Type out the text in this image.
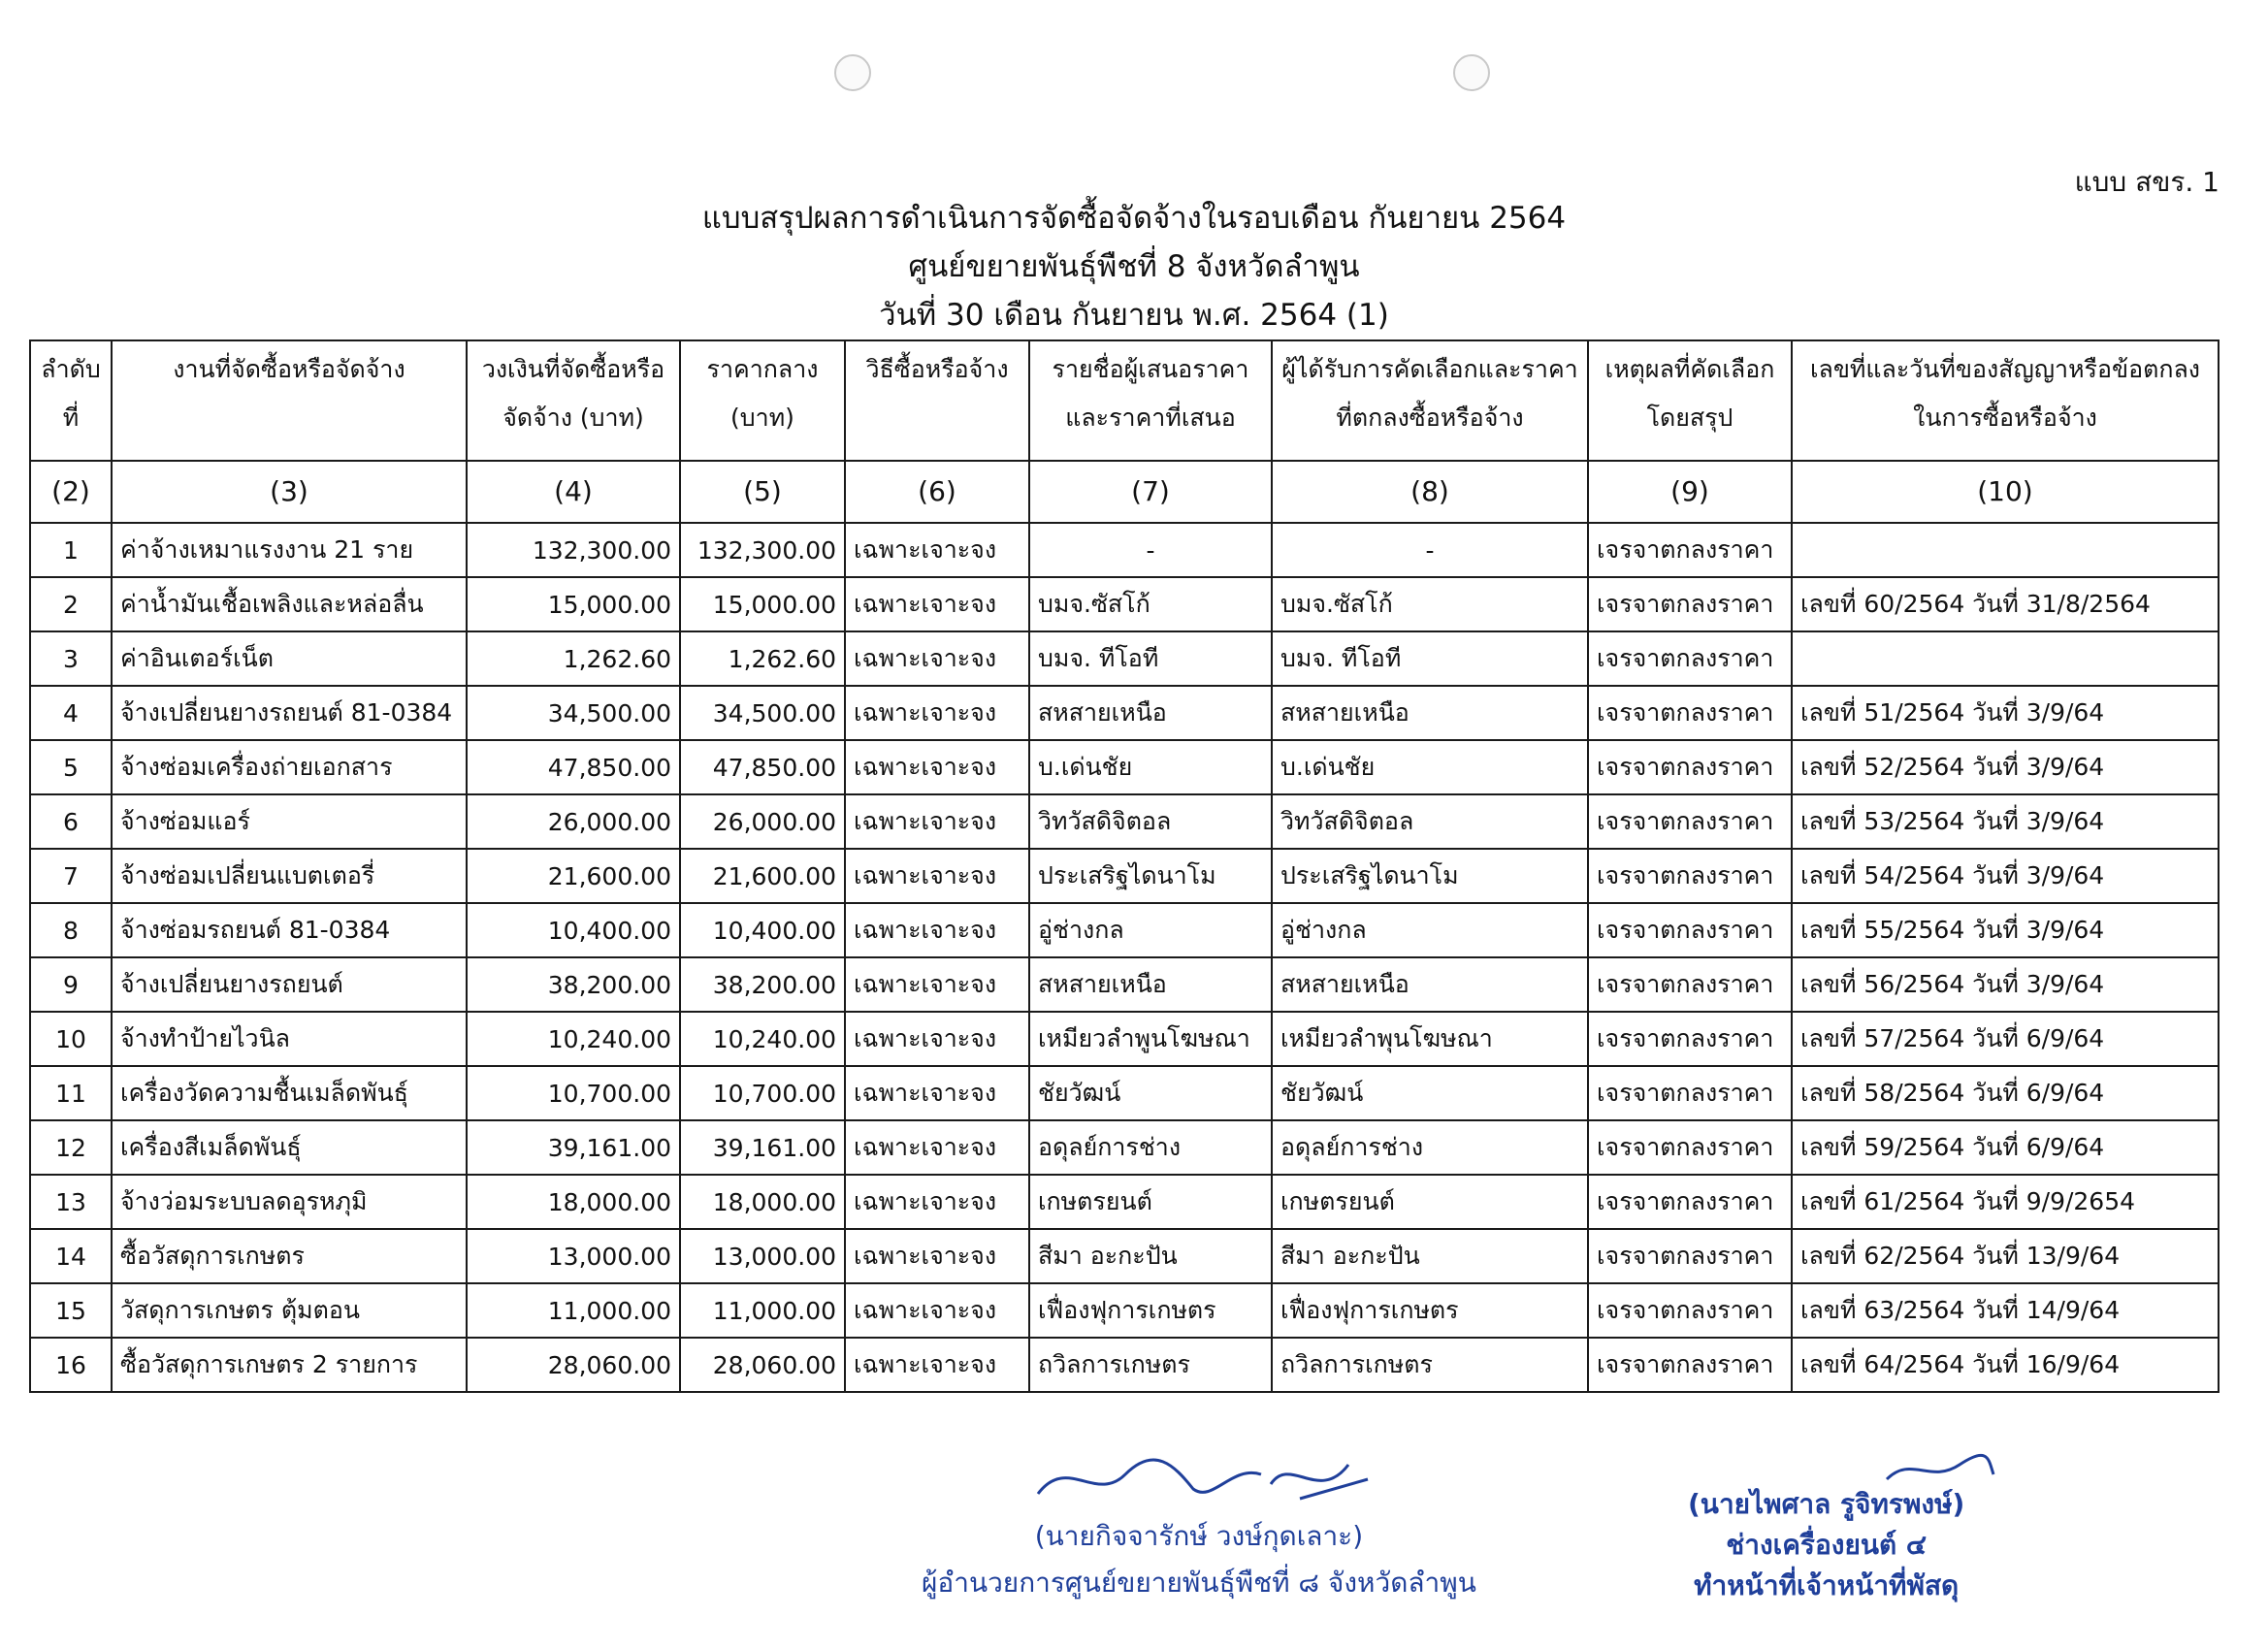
แบบ สขร. 1
แบบสรุปผลการดำเนินการจัดซื้อจัดจ้างในรอบเดือน กันยายน 2564
ศูนย์ขยายพันธุ์พืชที่ 8 จังหวัดลำพูน
วันที่ 30 เดือน กันยายน พ.ศ. 2564 (1)
ลำดับที่	งานที่จัดซื้อหรือจัดจ้าง	วงเงินที่จัดซื้อหรือจัดจ้าง (บาท)	ราคากลาง (บาท)	วิธีซื้อหรือจ้าง	รายชื่อผู้เสนอราคาและราคาที่เสนอ	ผู้ได้รับการคัดเลือกและราคาที่ตกลงซื้อหรือจ้าง	เหตุผลที่คัดเลือกโดยสรุป	เลขที่และวันที่ของสัญญาหรือข้อตกลงในการซื้อหรือจ้าง
(2)	(3)	(4)	(5)	(6)	(7)	(8)	(9)	(10)
1	ค่าจ้างเหมาแรงงาน 21 ราย	132,300.00	132,300.00	เฉพาะเจาะจง	-	-	เจรจาตกลงราคา	
2	ค่าน้ำมันเชื้อเพลิงและหล่อลื่น	15,000.00	15,000.00	เฉพาะเจาะจง	บมจ.ซัสโก้	บมจ.ซัสโก้	เจรจาตกลงราคา	เลขที่ 60/2564 วันที่ 31/8/2564
3	ค่าอินเตอร์เน็ต	1,262.60	1,262.60	เฉพาะเจาะจง	บมจ. ทีโอที	บมจ. ทีโอที	เจรจาตกลงราคา	
4	จ้างเปลี่ยนยางรถยนต์ 81-0384	34,500.00	34,500.00	เฉพาะเจาะจง	สหสายเหนือ	สหสายเหนือ	เจรจาตกลงราคา	เลขที่ 51/2564 วันที่ 3/9/64
5	จ้างซ่อมเครื่องถ่ายเอกสาร	47,850.00	47,850.00	เฉพาะเจาะจง	บ.เด่นชัย	บ.เด่นชัย	เจรจาตกลงราคา	เลขที่ 52/2564 วันที่ 3/9/64
6	จ้างซ่อมแอร์	26,000.00	26,000.00	เฉพาะเจาะจง	วิทวัสดิจิตอล	วิทวัสดิจิตอล	เจรจาตกลงราคา	เลขที่ 53/2564 วันที่ 3/9/64
7	จ้างซ่อมเปลี่ยนแบตเตอรี่	21,600.00	21,600.00	เฉพาะเจาะจง	ประเสริฐไดนาโม	ประเสริฐไดนาโม	เจรจาตกลงราคา	เลขที่ 54/2564 วันที่ 3/9/64
8	จ้างซ่อมรถยนต์ 81-0384	10,400.00	10,400.00	เฉพาะเจาะจง	อู่ช่างกล	อู่ช่างกล	เจรจาตกลงราคา	เลขที่ 55/2564 วันที่ 3/9/64
9	จ้างเปลี่ยนยางรถยนต์	38,200.00	38,200.00	เฉพาะเจาะจง	สหสายเหนือ	สหสายเหนือ	เจรจาตกลงราคา	เลขที่ 56/2564 วันที่ 3/9/64
10	จ้างทำป้ายไวนิล	10,240.00	10,240.00	เฉพาะเจาะจง	เหมียวลำพูนโฆษณา	เหมียวลำพุนโฆษณา	เจรจาตกลงราคา	เลขที่ 57/2564 วันที่ 6/9/64
11	เครื่องวัดความชื้นเมล็ดพันธุ์	10,700.00	10,700.00	เฉพาะเจาะจง	ชัยวัฒน์	ชัยวัฒน์	เจรจาตกลงราคา	เลขที่ 58/2564 วันที่ 6/9/64
12	เครื่องสีเมล็ดพันธุ์	39,161.00	39,161.00	เฉพาะเจาะจง	อดุลย์การช่าง	อดุลย์การช่าง	เจรจาตกลงราคา	เลขที่ 59/2564 วันที่ 6/9/64
13	จ้างว่อมระบบลดอุรหภุมิ	18,000.00	18,000.00	เฉพาะเจาะจง	เกษตรยนต์	เกษตรยนต์	เจรจาตกลงราคา	เลขที่ 61/2564 วันที่ 9/9/2654
14	ซื้อวัสดุการเกษตร	13,000.00	13,000.00	เฉพาะเจาะจง	สีมา อะกะปัน	สีมา อะกะปัน	เจรจาตกลงราคา	เลขที่ 62/2564 วันที่ 13/9/64
15	วัสดุการเกษตร ตุ้มตอน	11,000.00	11,000.00	เฉพาะเจาะจง	เฟื่องฟุการเกษตร	เฟื่องฟุการเกษตร	เจรจาตกลงราคา	เลขที่ 63/2564 วันที่ 14/9/64
16	ซื้อวัสดุการเกษตร 2 รายการ	28,060.00	28,060.00	เฉพาะเจาะจง	ถวิลการเกษตร	ถวิลการเกษตร	เจรจาตกลงราคา	เลขที่ 64/2564 วันที่ 16/9/64
(นายกิจจารักษ์ วงษ์กุดเลาะ)
ผู้อำนวยการศูนย์ขยายพันธุ์พืชที่ ๘ จังหวัดลำพูน
(นายไพศาล รูจิทรพงษ์)
ช่างเครื่องยนต์ ๔
ทำหน้าที่เจ้าหน้าที่พัสดุ
